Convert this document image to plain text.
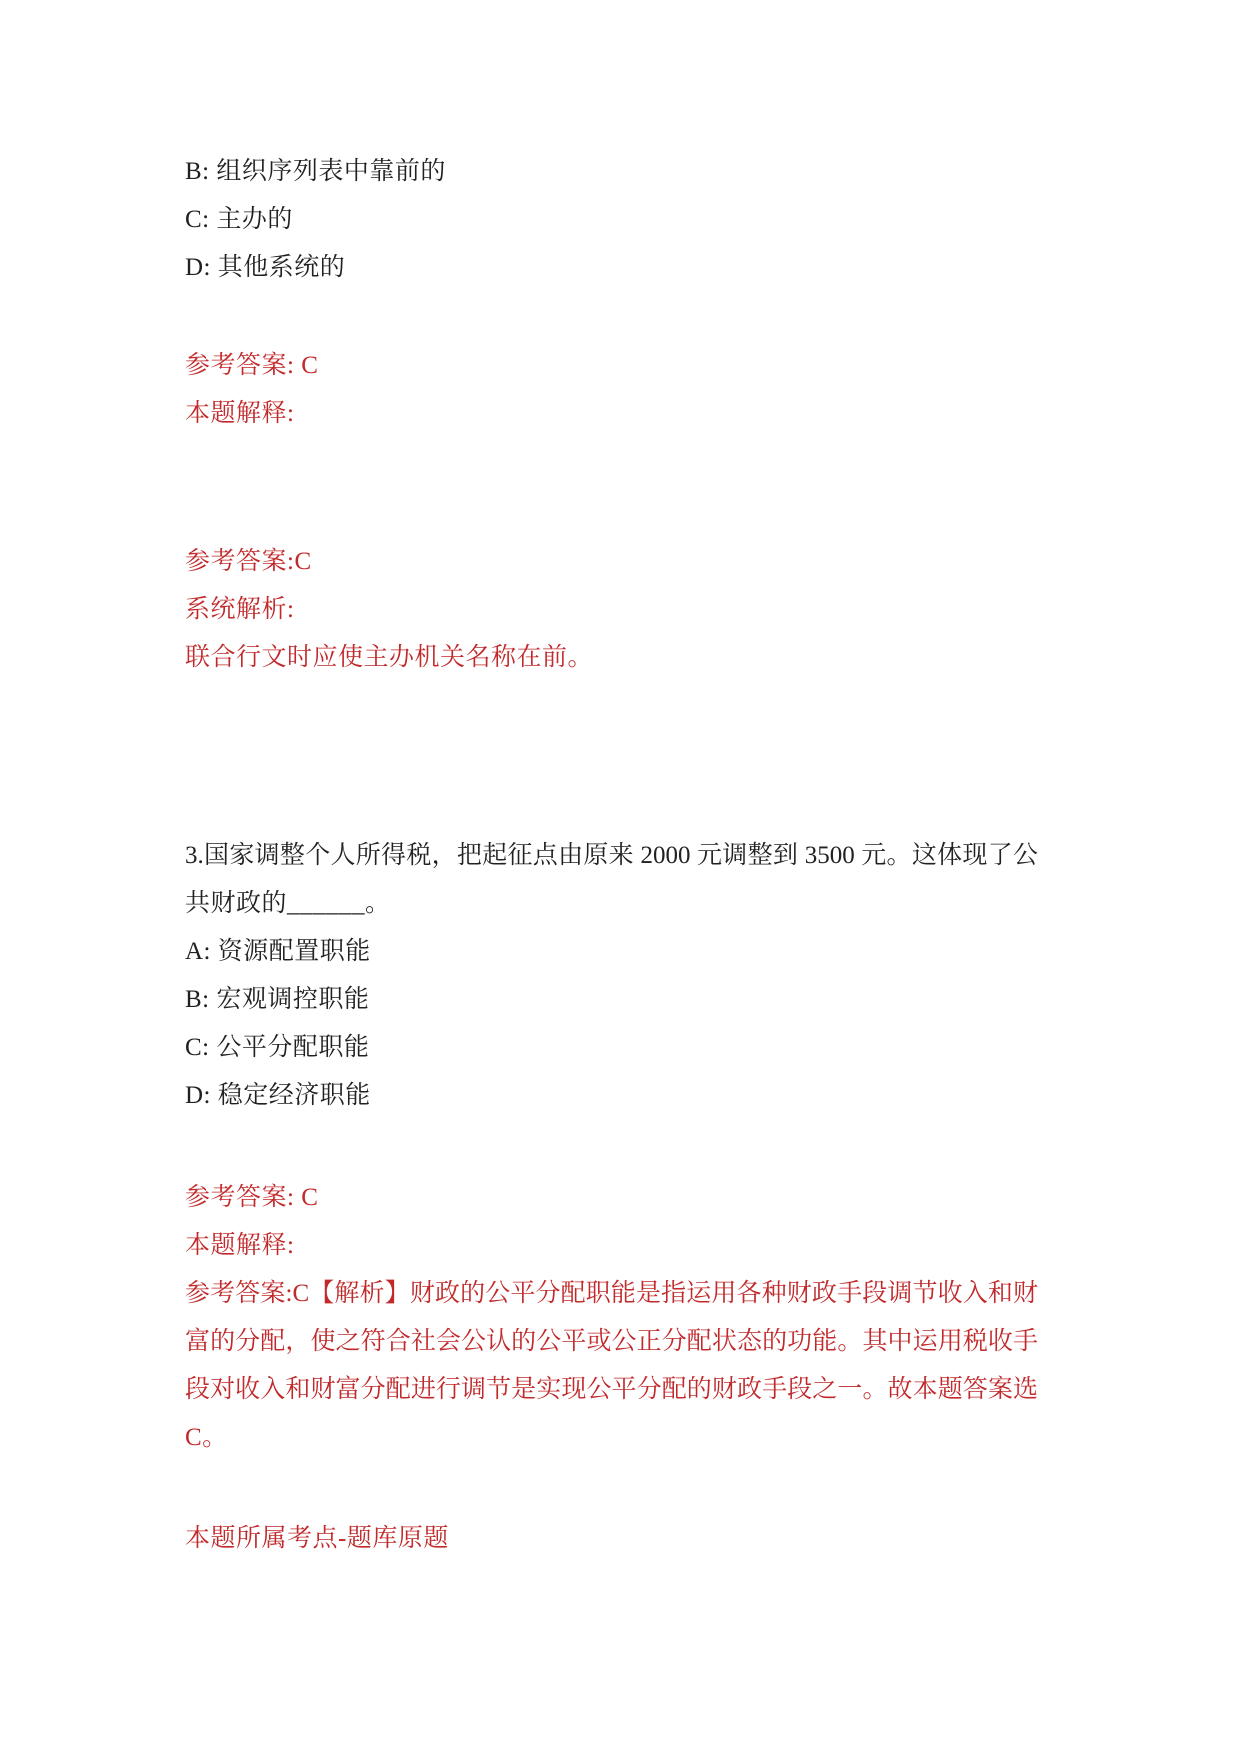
B: 组织序列表中靠前的
C: 主办的
D: 其他系统的
参考答案: C
本题解释:
参考答案:C
系统解析:
联合行文时应使主办机关名称在前。
3.国家调整个人所得税，把起征点由原来 2000 元调整到 3500 元。这体现了公
共财政的______。
A: 资源配置职能
B: 宏观调控职能
C: 公平分配职能
D: 稳定经济职能
参考答案: C
本题解释:
参考答案:C【解析】财政的公平分配职能是指运用各种财政手段调节收入和财
富的分配，使之符合社会公认的公平或公正分配状态的功能。其中运用税收手
段对收入和财富分配进行调节是实现公平分配的财政手段之一。故本题答案选
C。
本题所属考点-题库原题
